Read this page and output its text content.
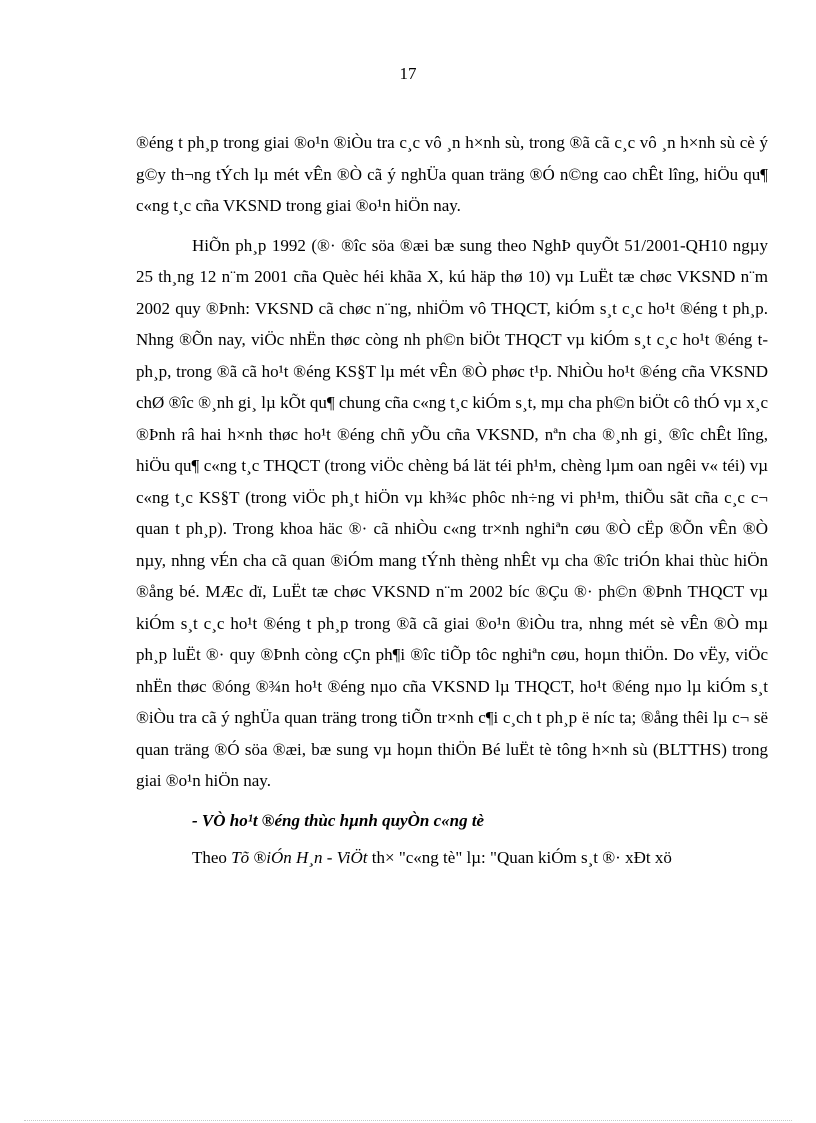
17

®éng t ph¸p trong giai ®o¹n ®iÒu tra c¸c vô ¸n h×nh sù, trong ®ã cã c¸c vô ¸n h×nh sù cè ý g©y th¬ng tÝch lµ mét vÊn ®Ò cã ý nghÜa quan träng ®Ó n©ng cao chÊt lîng, hiÖu qu¶ c«ng t¸c cña VKSND trong giai ®o¹n hiÖn nay.

HiÕn ph¸p 1992 (®· ®îc söa ®æi bæ sung theo NghÞ quyÕt 51/2001-QH10 ngµy 25 th¸ng 12 n¨m 2001 cña Quèc héi khãa X, kú häp thø 10) vµ LuËt tæ chøc VKSND n¨m 2002 quy ®Þnh: VKSND cã chøc n¨ng, nhiÖm vô THQCT, kiÓm s¸t c¸c ho¹t ®éng t ph¸p. Nhng ®Õn nay, viÖc nhËn thøc còng nh ph©n biÖt THQCT vµ kiÓm s¸t c¸c ho¹t ®éng t ph¸p, trong ®ã cã ho¹t ®éng KS§T lµ mét vÊn ®Ò phøc t¹p. NhiÒu ho¹t ®éng cña VKSND chØ ®îc ®¸nh gi¸ lµ kÕt qu¶ chung cña c«ng t¸c kiÓm s¸t, mµ cha ph©n biÖt cô thÓ vµ x¸c ®Þnh râ hai h×nh thøc ho¹t ®éng chñ yÕu cña VKSND, nªn cha ®¸nh gi¸ ®îc chÊt lîng, hiÖu qu¶ c«ng t¸c THQCT (trong viÖc chèng bá lät téi ph¹m, chèng lµm oan ngêi v« téi) vµ c«ng t¸c KS§T (trong viÖc ph¸t hiÖn vµ kh¾c phôc nh÷ng vi ph¹m, thiÕu sãt cña c¸c c¬ quan t ph¸p). Trong khoa häc ®· cã nhiÒu c«ng tr×nh nghiªn cøu ®Ò cËp ®Õn vÊn ®Ò nµy, nhng vÉn cha cã quan ®iÓm mang tÝnh thèng nhÊt vµ cha ®îc triÓn khai thùc hiÖn ®ång bé. MÆc dï, LuËt tæ chøc VKSND n¨m 2002 bíc ®Çu ®· ph©n ®Þnh THQCT vµ kiÓm s¸t c¸c ho¹t ®éng t ph¸p trong ®ã cã giai ®o¹n ®iÒu tra, nhng mét sè vÊn ®Ò mµ ph¸p luËt ®· quy ®Þnh còng cÇn ph¶i ®îc tiÕp tôc nghiªn cøu, hoµn thiÖn. Do vËy, viÖc nhËn thøc ®óng ®¾n ho¹t ®éng nµo cña VKSND lµ THQCT, ho¹t ®éng nµo lµ kiÓm s¸t ®iÒu tra cã ý nghÜa quan träng trong tiÕn tr×nh c¶i c¸ch t ph¸p ë níc ta; ®ång thêi lµ c¬ së quan träng ®Ó söa ®æi, bæ sung vµ hoµn thiÖn Bé luËt tè tông h×nh sù (BLTTHS) trong giai ®o¹n hiÖn nay.

- VÒ ho¹t ®éng thùc hµnh quyÒn c«ng tè

Theo Tõ ®iÓn H¸n - ViÖt th× "c«ng tè" lµ: "Quan kiÓm s¸t ®· xÐt xö
